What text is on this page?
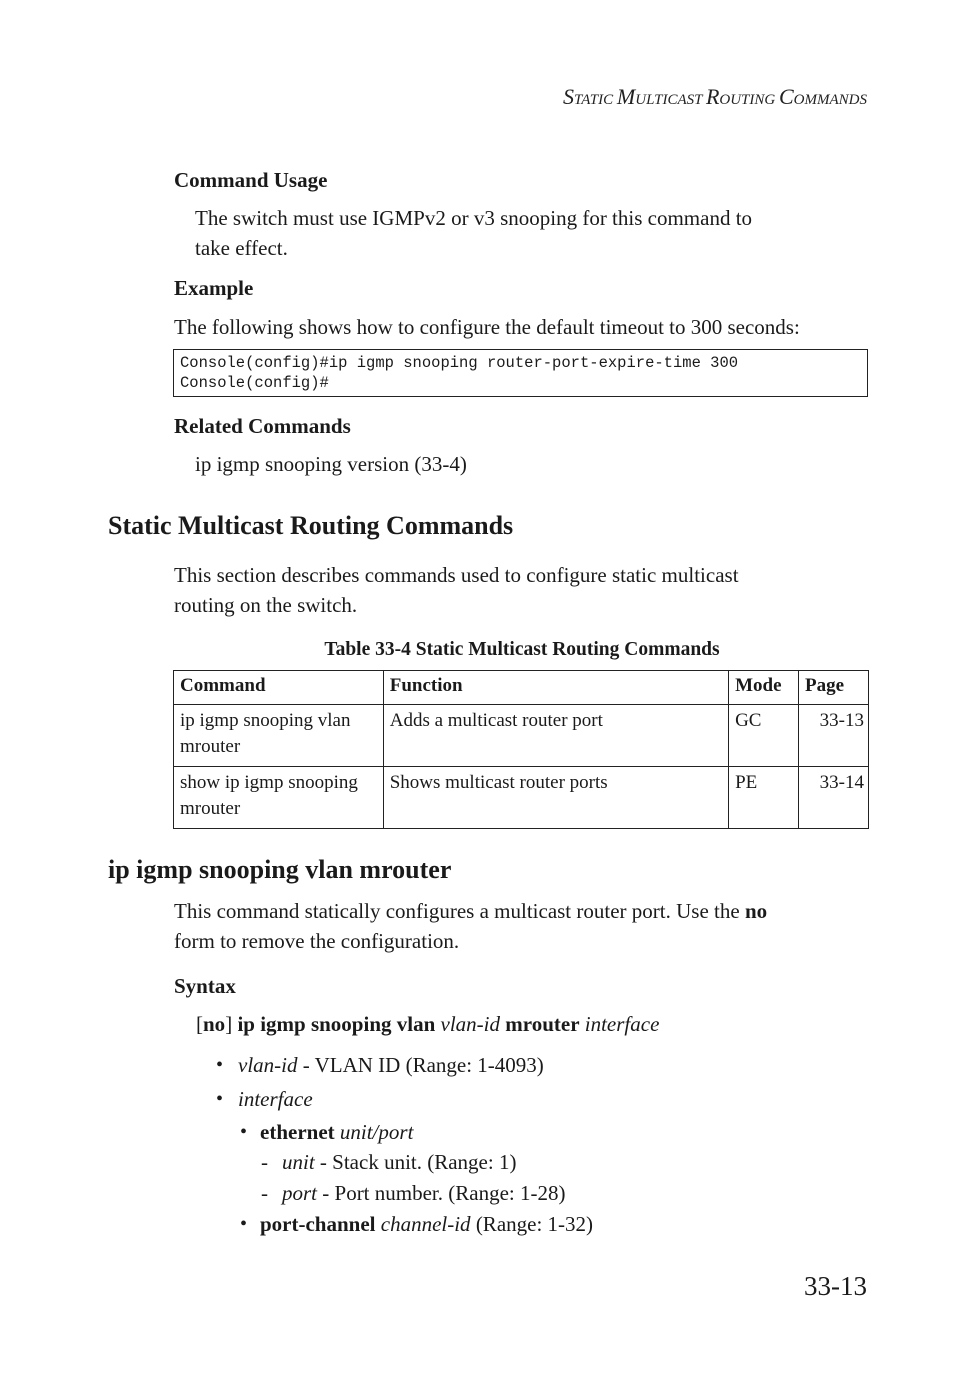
STATIC MULTICAST ROUTING COMMANDS
Command Usage
The switch must use IGMPv2 or v3 snooping for this command to
take effect.
Example
The following shows how to configure the default timeout to 300 seconds:
Console(config)#ip igmp snooping router-port-expire-time 300
Console(config)#
Related Commands
ip igmp snooping version (33-4)
Static Multicast Routing Commands
This section describes commands used to configure static multicast
routing on the switch.
Table 33-4 Static Multicast Routing Commands
Command	Function	Mode	Page

ip igmp snooping vlan
mrouter	Adds a multicast router port	GC	33-13

show ip igmp snooping
mrouter	Shows multicast router ports	PE	33-14
ip igmp snooping vlan mrouter
This command statically configures a multicast router port. Use the no
form to remove the configuration.
Syntax
[no] ip igmp snooping vlan vlan-id mrouter interface
• vlan-id - VLAN ID (Range: 1-4093)
• interface
• ethernet unit/port
- unit - Stack unit. (Range: 1)
- port - Port number. (Range: 1-28)
• port-channel channel-id (Range: 1-32)
33-13
